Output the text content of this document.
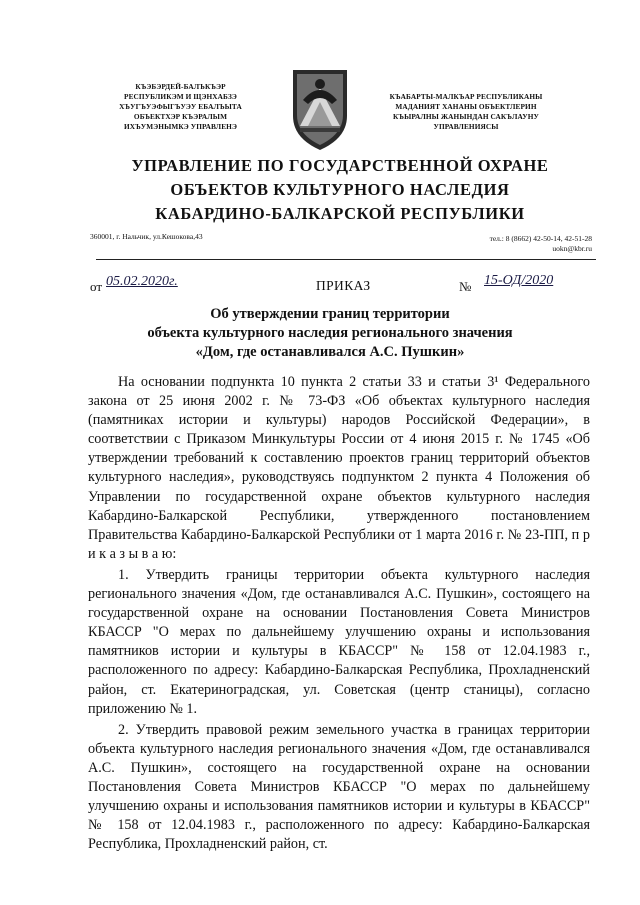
КЪЭБЭРДЕЙ-БАЛЪКЪЭР
РЕСПУБЛИКЭМ И ЩЭНХАБЗЭ
ХЪУГЪУЭФЫГЪУЭУ ЕБАЛЪЫТА
ОБЪЕКТХЭР КЪЭРАЛЫМ
ИХЪУМЭНЫМКЭ УПРАВЛЕНЭ
КЪАБАРТЫ-МАЛКЪАР РЕСПУБЛИКАНЫ
МАДАНИЯТ ХАНАНЫ ОБЪЕКТЛЕРИН
КЪЫРАЛНЫ ЖАНЫНДАН САКЪЛАУНУ
УПРАВЛЕНИЯСЫ
УПРАВЛЕНИЕ ПО ГОСУДАРСТВЕННОЙ ОХРАНЕ
ОБЪЕКТОВ КУЛЬТУРНОГО НАСЛЕДИЯ
КАБАРДИНО-БАЛКАРСКОЙ РЕСПУБЛИКИ
360001, г. Нальчик, ул.Кешокова,43	тел.: 8 (8662) 42-50-14, 42-51-28
uokn@kbr.ru
от 05.02.2020г.	ПРИКАЗ	№ 15-ОД/2020
Об утверждении границ территории
объекта культурного наследия регионального значения
«Дом, где останавливался А.С. Пушкин»

На основании подпункта 10 пункта 2 статьи 33 и статьи 3¹ Федерального закона от 25 июня 2002 г. № 73-ФЗ «Об объектах культурного наследия (памятниках истории и культуры) народов Российской Федерации», в соответствии с Приказом Минкультуры России от 4 июня 2015 г. № 1745 «Об утверждении требований к составлению проектов границ территорий объектов культурного наследия», руководствуясь подпунктом 2 пункта 4 Положения об Управлении по государственной охране объектов культурного наследия Кабардино-Балкарской Республики, утвержденного постановлением Правительства Кабардино-Балкарской Республики от 1 марта 2016 г. № 23-ПП, п р и к а з ы в а ю:

1. Утвердить границы территории объекта культурного наследия регионального значения «Дом, где останавливался А.С. Пушкин», состоящего на государственной охране на основании Постановления Совета Министров КБАССР "О мерах по дальнейшему улучшению охраны и использования памятников истории и культуры в КБАССР" № 158 от 12.04.1983 г., расположенного по адресу: Кабардино-Балкарская Республика, Прохладненский район, ст. Екатериноградская, ул. Советская (центр станицы), согласно приложению № 1.

2. Утвердить правовой режим земельного участка в границах территории объекта культурного наследия регионального значения «Дом, где останавливался А.С. Пушкин», состоящего на государственной охране на основании Постановления Совета Министров КБАССР "О мерах по дальнейшему улучшению охраны и использования памятников истории и культуры в КБАССР" № 158 от 12.04.1983 г., расположенного по адресу: Кабардино-Балкарская Республика, Прохладненский район, ст.
